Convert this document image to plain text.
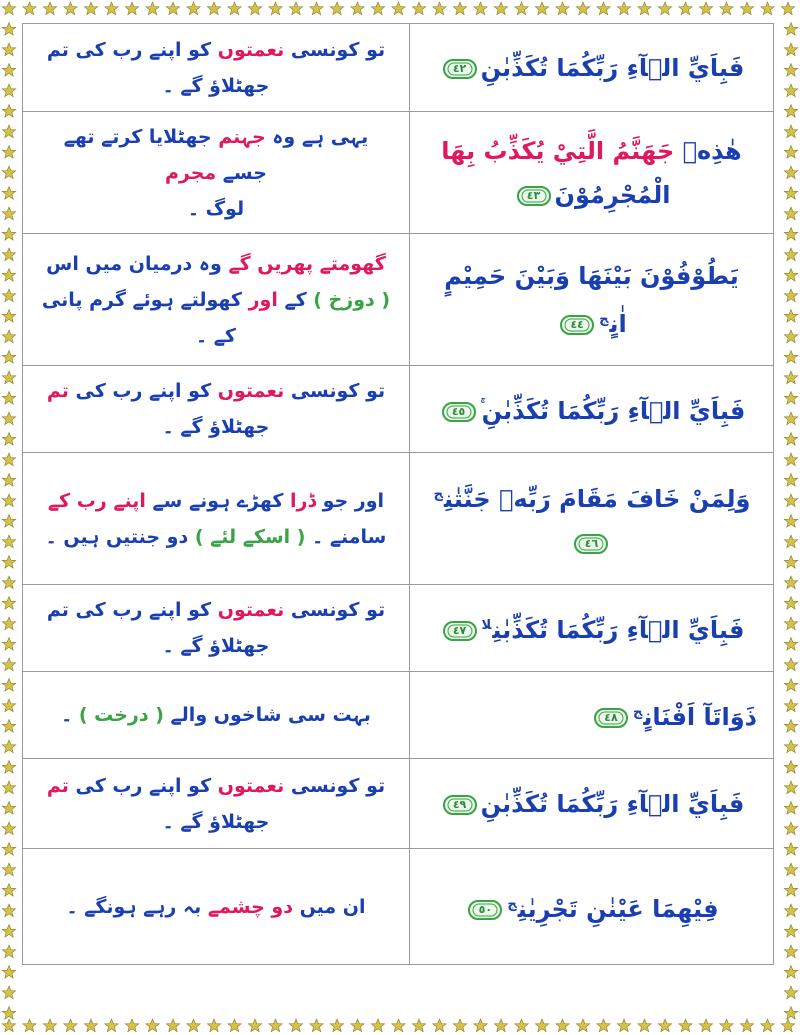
تو کونسی نعمتوں کو اپنے رب کی تم جھٹلاؤ گے ۔
فَبِاَيِّ الۗآءِ رَبِّكُمَا تُكَذِّبٰنِ
٤٢
یہی ہے وہ جہنم جھٹلایا کرتے تھے جسے مجرم
لوگ ۔
هٰذِهٖ جَهَنَّمُ الَّتِيْ يُكَذِّبُ بِهَا
الْمُجْرِمُوْنَ
٤٣
گھومتے پھریں گے وہ درمیان میں اس
( دوزخ ) کے اور کھولتے ہوئے گرم پانی کے ۔
يَطُوْفُوْنَ بَيْنَهَا وَبَيْنَ حَمِيْمٍ اٰنٍ$^ج$
٤٤
تو کونسی نعمتوں کو اپنے رب کی تم جھٹلاؤ گے ۔
فَبِاَيِّ الۗآءِ رَبِّكُمَا تُكَذِّبٰنِ
٤٥
اور جو ڈرا کھڑے ہونے سے اپنے رب کے
سامنے ۔ ( اسکے لئے ) دو جنتیں ہیں ۔
وَلِمَنْ خَافَ مَقَامَ رَبِّهٖ جَنَّتٰنِ$^ج$
٤٦
تو کونسی نعمتوں کو اپنے رب کی تم جھٹلاؤ گے ۔
فَبِاَيِّ الۗآءِ رَبِّكُمَا تُكَذِّبٰنِ$^{لا}$
٤٧
بہت سی شاخوں والے ( درخت ) ۔	ذَوَاتَآ اَفْنَانٍ$^ج$
٤٨
تو کونسی نعمتوں کو اپنے رب کی تم جھٹلاؤ گے ۔
فَبِاَيِّ الۗآءِ رَبِّكُمَا تُكَذِّبٰنِ
٤٩
ان میں دو چشمے بہ رہے ہونگے ۔	فِيْهِمَا عَيْنٰنِ تَجْرِيٰنِ$^ج$
٥٠
